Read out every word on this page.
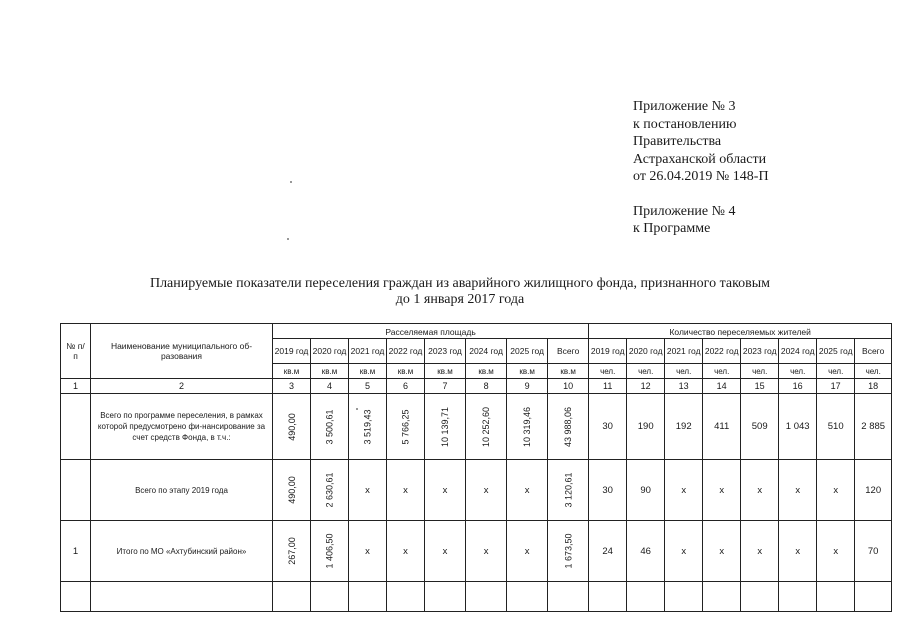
Приложение № 3
к постановлению
Правительства
Астраханской области
от 26.04.2019 № 148-П
Приложение № 4
к Программе
Планируемые показатели переселения граждан из аварийного жилищного фонда, признанного таковым
до 1 января 2017 года
№ п/п	Наименование муниципального об-разования	Расселяемая площадь								Количество переселяемых жителей							
		2019 год	2020 год	2021 год	2022 год	2023 год	2024 год	2025 год	Всего	2019 год	2020 год	2021 год	2022 год	2023 год	2024 год	2025 год	Всего
		кв.м	кв.м	кв.м	кв.м	кв.м	кв.м	кв.м	кв.м	чел.	чел.	чел.	чел.	чел.	чел.	чел.	чел.
1	2	3	4	5	6	7	8	9	10	11	12	13	14	15	16	17	18
	Всего по программе переселения, в рамках которой предусмотрено фи-нансирование за счет средств Фонда, в т.ч.:	490,00	3 500,61	3 519,43	5 766,25	10 139,71	10 252,60	10 319,46	43 988,06	30	190	192	411	509	1 043	510	2 885
	Всего по этапу 2019 года	490,00	2 630,61	x	x	x	x	x	3 120,61	30	90	x	x	x	x	x	120
1	Итого по МО «Ахтубинский район»	267,00	1 406,50	x	x	x	x	x	1 673,50	24	46	x	x	x	x	x	70
